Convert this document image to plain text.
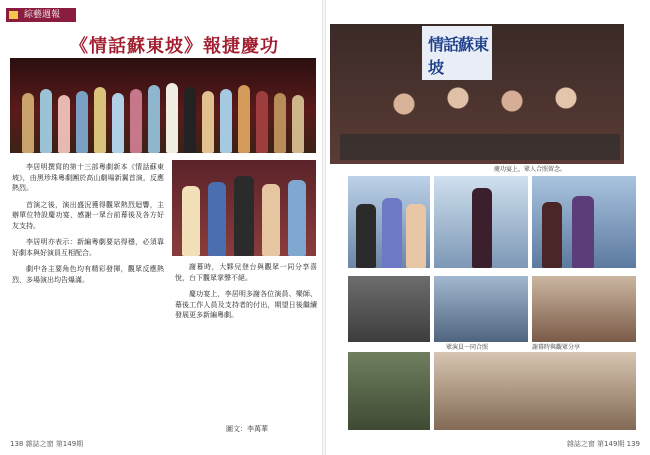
綜藝週報
《情話蘇東坡》報捷慶功

李居明撰寫的第十三部粵劇新本《情話蘇東坡》，由黑珍珠粵劇團於高山劇場新翼首演，反應熱烈。

首演之後，演出盛況獲得觀眾熱烈迴響，主辦單位特設慶功宴，感謝一眾台前幕後及各方好友支持。

李居明亦表示：新編粵劇要站得穩，必須靠好劇本與好演員互相配合。

劇中各主要角色均有精彩發揮，觀眾反應熱烈，多場演出均告爆滿。

謝幕時，大夥兒登台與觀眾一同分享喜悅，台下觀眾掌聲不絕。

慶功宴上，李居明多謝各位演員、樂師、幕後工作人員及支持者的付出，期望日後繼續發展更多新編粵劇。

圖文：李萬華
138 雜誌之窗 第149期
情話蘇東坡
慶功宴上，眾人合照留念。
眾演員一同合照	謝幕時與觀眾分享
雜誌之窗 第149期 139
